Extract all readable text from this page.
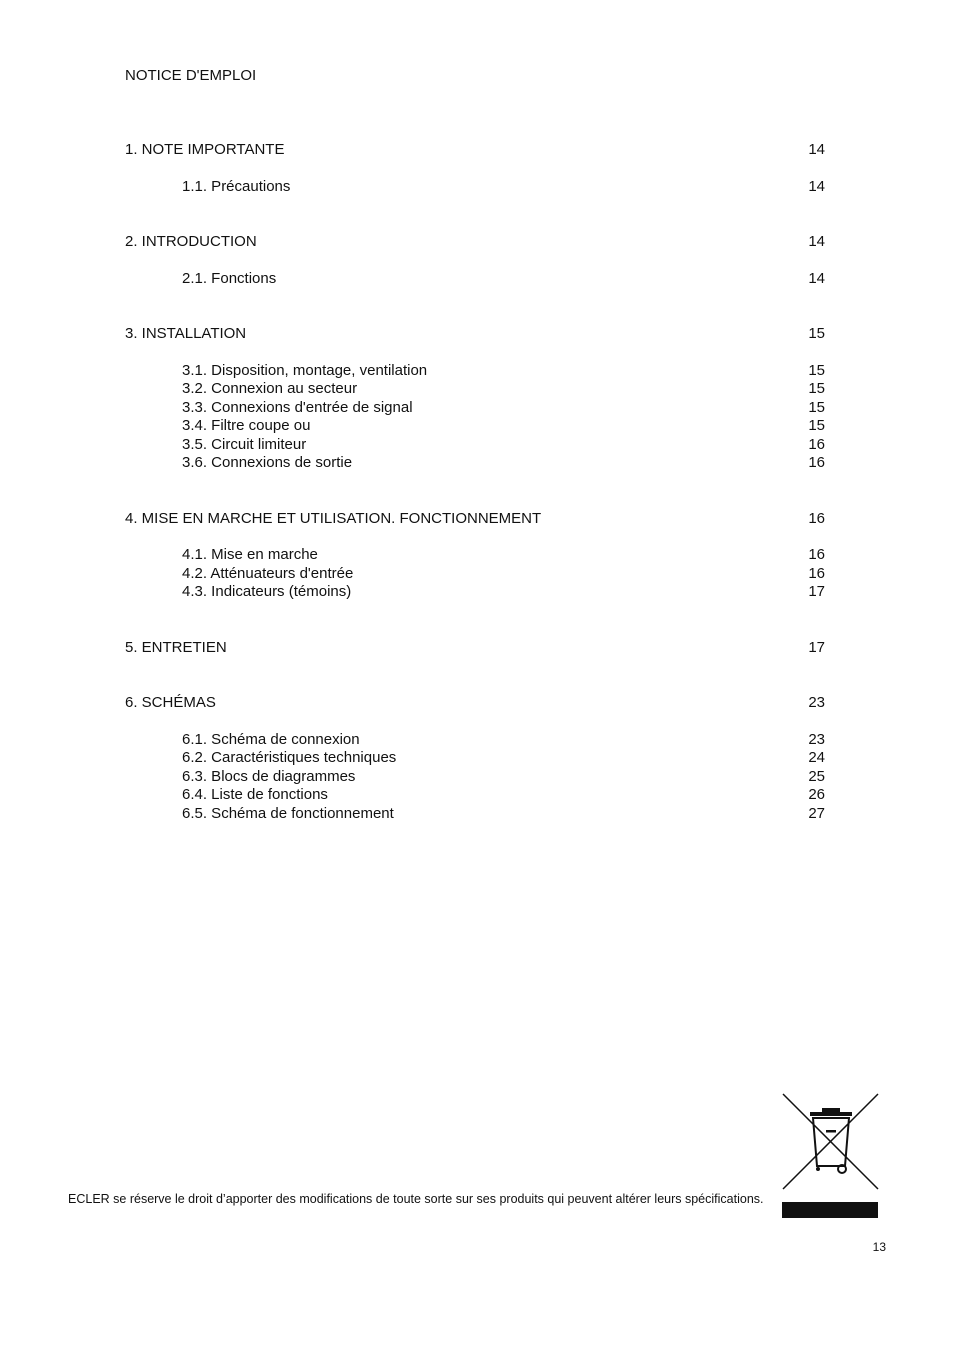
NOTICE D'EMPLOI
1. NOTE IMPORTANTE	14
1.1. Précautions	14
2. INTRODUCTION	14
2.1. Fonctions	14
3. INSTALLATION	15
3.1. Disposition, montage, ventilation	15
3.2. Connexion au secteur	15
3.3. Connexions d'entrée de signal	15
3.4. Filtre coupe ou	15
3.5. Circuit limiteur	16
3.6. Connexions de sortie	16
4. MISE EN MARCHE ET UTILISATION. FONCTIONNEMENT	16
4.1. Mise en marche	16
4.2. Atténuateurs d'entrée	16
4.3. Indicateurs (témoins)	17
5. ENTRETIEN	17
6. SCHÉMAS	23
6.1. Schéma de connexion	23
6.2. Caractéristiques techniques	24
6.3. Blocs de diagrammes	25
6.4. Liste de fonctions	26
6.5. Schéma de fonctionnement	27
ECLER se réserve le droit d’apporter des modifications de toute sorte sur ses produits qui peuvent altérer leurs spécifications.
13
